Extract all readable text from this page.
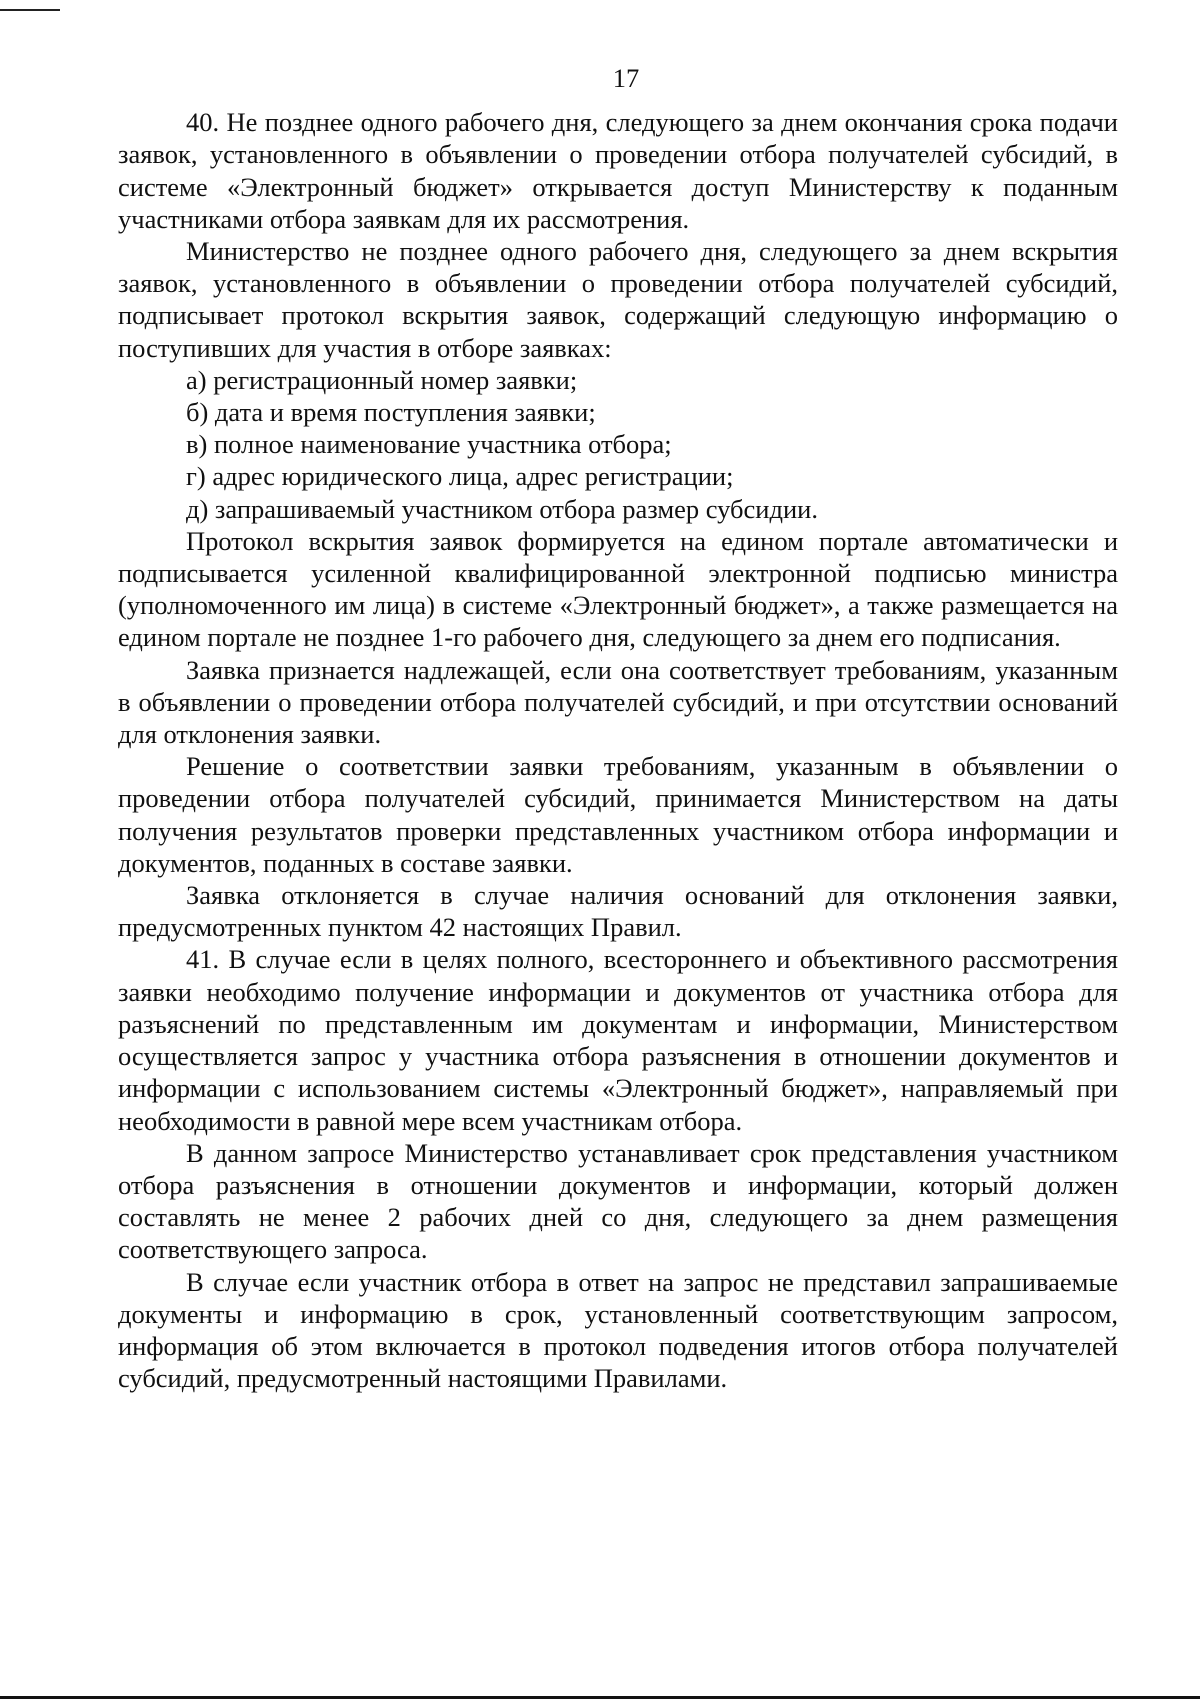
17

40. Не позднее одного рабочего дня, следующего за днем окончания срока подачи заявок, установленного в объявлении о проведении отбора получателей субсидий, в системе «Электронный бюджет» открывается доступ Министерству к поданным участниками отбора заявкам для их рассмотрения.

Министерство не позднее одного рабочего дня, следующего за днем вскрытия заявок, установленного в объявлении о проведении отбора получателей субсидий, подписывает протокол вскрытия заявок, содержащий следующую информацию о поступивших для участия в отборе заявках:

а) регистрационный номер заявки;

б) дата и время поступления заявки;

в) полное наименование участника отбора;

г) адрес юридического лица, адрес регистрации;

д) запрашиваемый участником отбора размер субсидии.

Протокол вскрытия заявок формируется на едином портале автоматически и подписывается усиленной квалифицированной электронной подписью министра (уполномоченного им лица) в системе «Электронный бюджет», а также размещается на едином портале не позднее 1-го рабочего дня, следующего за днем его подписания.

Заявка признается надлежащей, если она соответствует требованиям, указанным в объявлении о проведении отбора получателей субсидий, и при отсутствии оснований для отклонения заявки.

Решение о соответствии заявки требованиям, указанным в объявлении о проведении отбора получателей субсидий, принимается Министерством на даты получения результатов проверки представленных участником отбора информации и документов, поданных в составе заявки.

Заявка отклоняется в случае наличия оснований для отклонения заявки, предусмотренных пунктом 42 настоящих Правил.

41. В случае если в целях полного, всестороннего и объективного рассмотрения заявки необходимо получение информации и документов от участника отбора для разъяснений по представленным им документам и информации, Министерством осуществляется запрос у участника отбора разъяснения в отношении документов и информации с использованием системы «Электронный бюджет», направляемый при необходимости в равной мере всем участникам отбора.

В данном запросе Министерство устанавливает срок представления участником отбора разъяснения в отношении документов и информации, который должен составлять не менее 2 рабочих дней со дня, следующего за днем размещения соответствующего запроса.

В случае если участник отбора в ответ на запрос не представил запрашиваемые документы и информацию в срок, установленный соответствующим запросом, информация об этом включается в протокол подведения итогов отбора получателей субсидий, предусмотренный настоящими Правилами.
